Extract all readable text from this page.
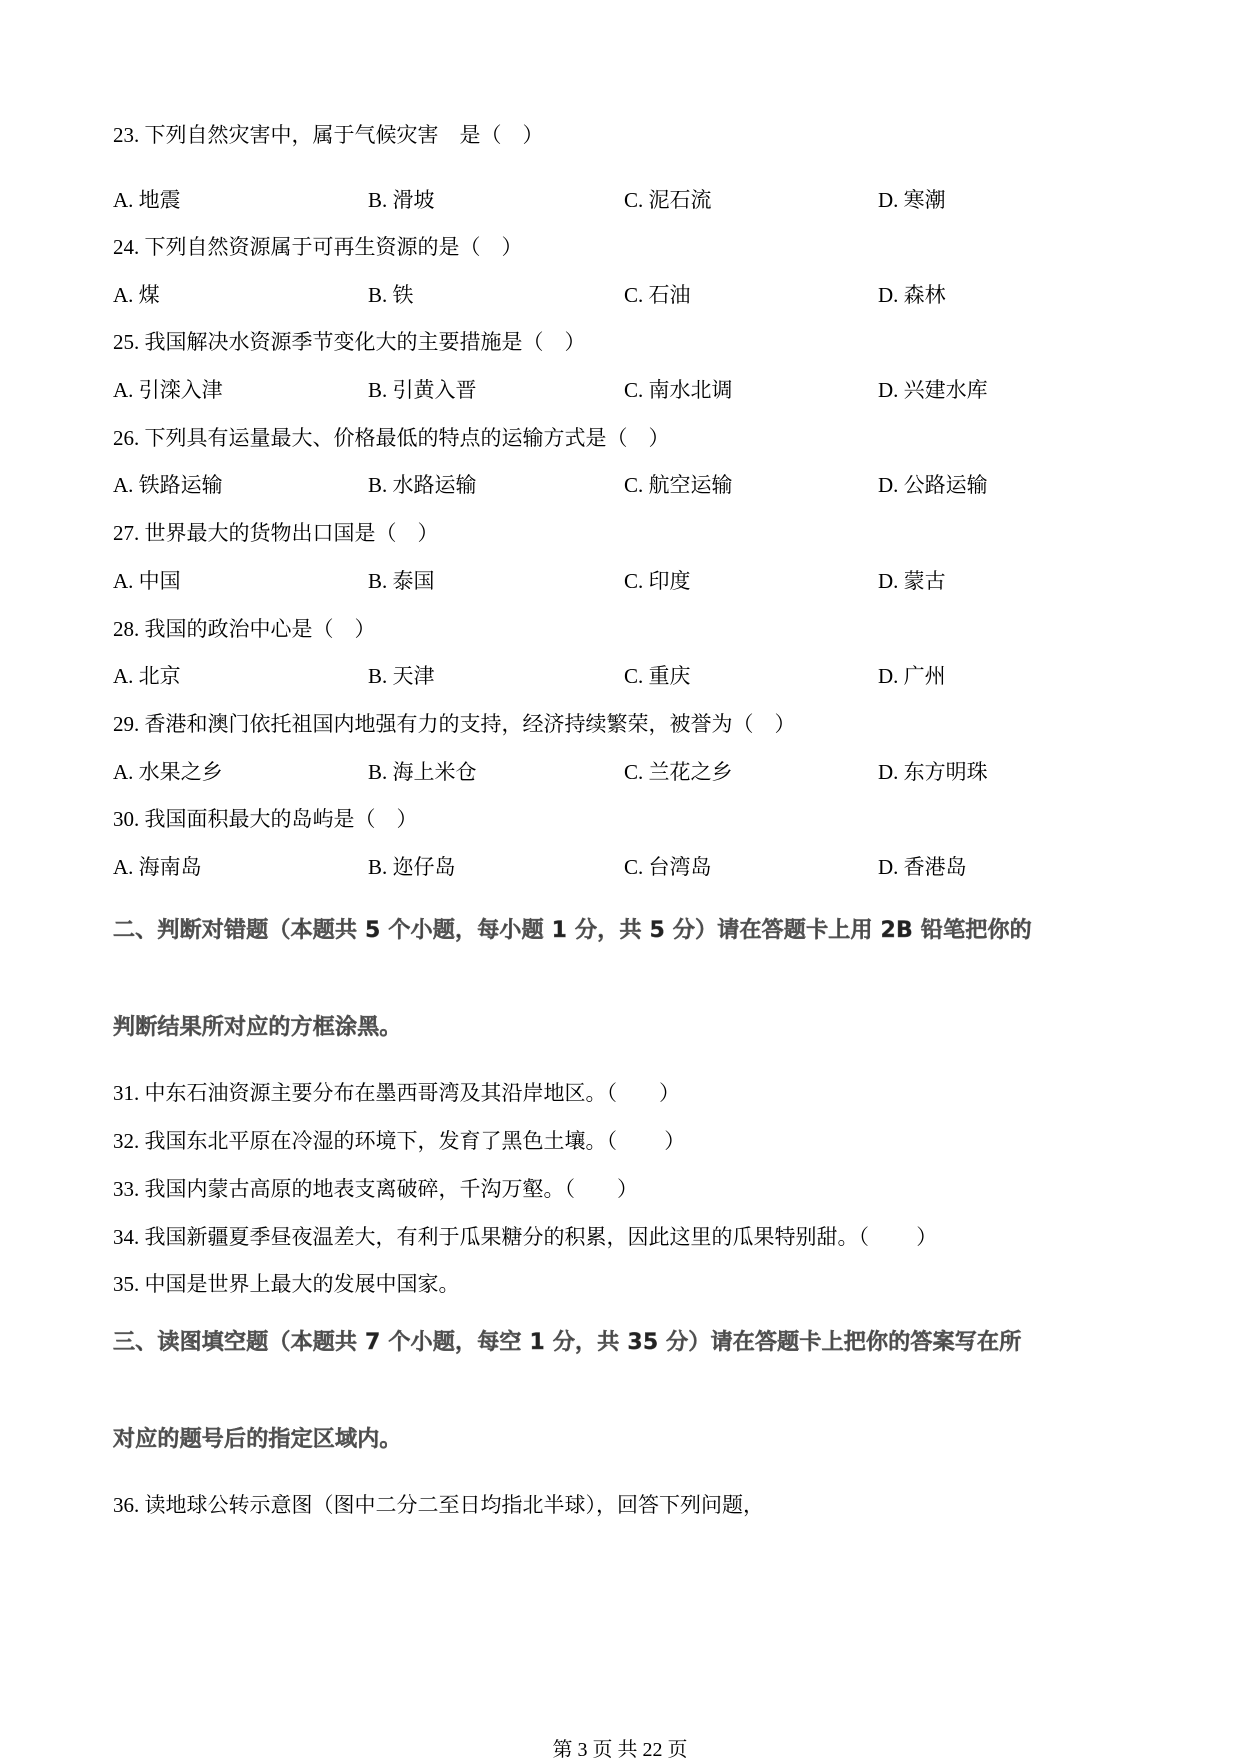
23. 下列自然灾害中，属于气候灾害　是（　）
A. 地震	B. 滑坡	C. 泥石流	D. 寒潮
24. 下列自然资源属于可再生资源的是（　）
A. 煤	B. 铁	C. 石油	D. 森林
25. 我国解决水资源季节变化大的主要措施是（　）
A. 引滦入津	B. 引黄入晋	C. 南水北调	D. 兴建水库
26. 下列具有运量最大、价格最低的特点的运输方式是（　）
A. 铁路运输	B. 水路运输	C. 航空运输	D. 公路运输
27. 世界最大的货物出口国是（　）
A. 中国	B. 泰国	C. 印度	D. 蒙古
28. 我国的政治中心是（　）
A. 北京	B. 天津	C. 重庆	D. 广州
29. 香港和澳门依托祖国内地强有力的支持，经济持续繁荣，被誉为（　）
A. 水果之乡	B. 海上米仓	C. 兰花之乡	D. 东方明珠
30. 我国面积最大的岛屿是（　）
A. 海南岛	B. 迩仔岛	C. 台湾岛	D. 香港岛
二、判断对错题（本题共 5 个小题，每小题 1 分，共 5 分）请在答题卡上用 2B 铅笔把你的
判断结果所对应的方框涂黑。
31. 中东石油资源主要分布在墨西哥湾及其沿岸地区。（　　）
32. 我国东北平原在冷湿的环境下，发育了黑色土壤。（　　 ）
33. 我国内蒙古高原的地表支离破碎，千沟万壑。（　　）
34. 我国新疆夏季昼夜温差大，有利于瓜果糖分的积累，因此这里的瓜果特别甜。（　　 ）
35. 中国是世界上最大的发展中国家。
三、读图填空题（本题共 7 个小题，每空 1 分，共 35 分）请在答题卡上把你的答案写在所
对应的题号后的指定区域内。
36. 读地球公转示意图（图中二分二至日均指北半球），回答下列问题，
第 3 页 共 22 页
